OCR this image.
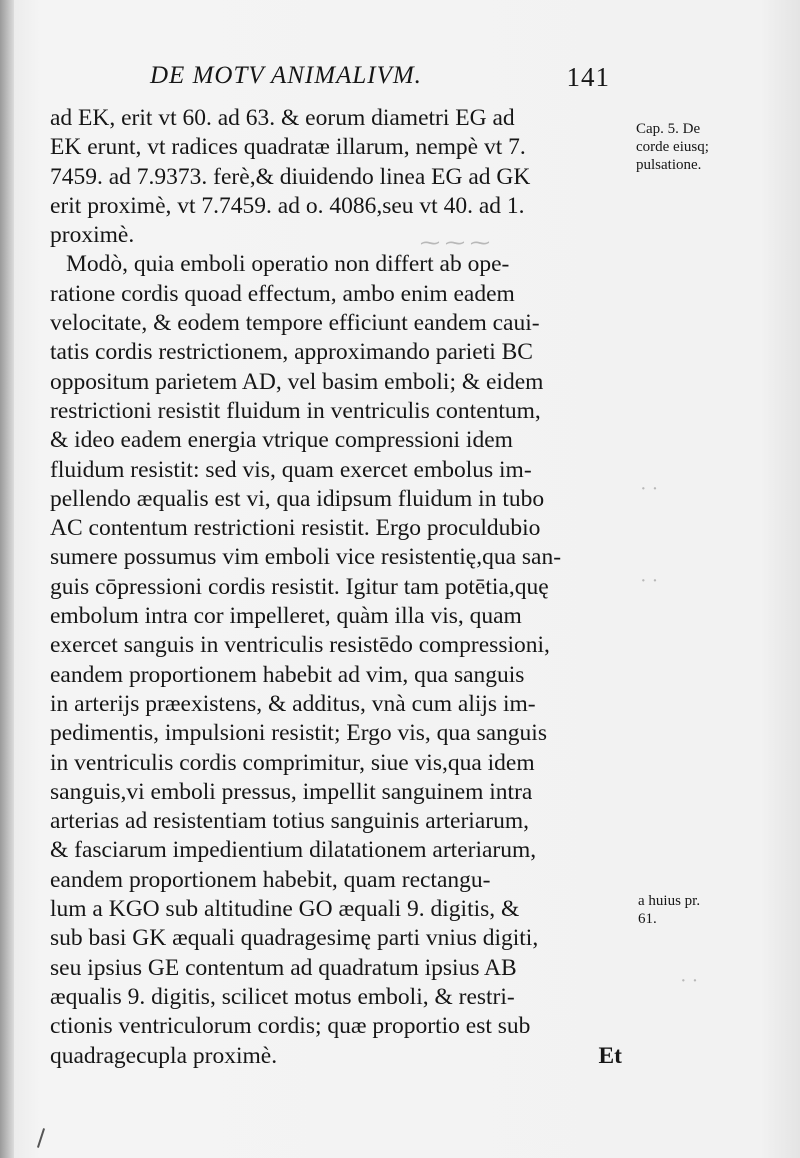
⁓ ⁓ ⁓
· ·
· ·
· ·
DE MOTV ANIMALIVM.	141
ad EK, erit vt 60. ad 63. & eorum diametri EG ad
EK erunt, vt radices quadratæ illarum, nempè vt 7.
7459. ad 7.9373. ferè,& diuidendo linea EG ad GK
erit proximè, vt 7.7459. ad o. 4086,seu vt 40. ad 1.
proximè.
Modò, quia emboli operatio non differt ab ope-
ratione cordis quoad effectum, ambo enim eadem
velocitate, & eodem tempore efficiunt eandem caui-
tatis cordis restrictionem, approximando parieti BC
oppositum parietem AD, vel basim emboli; & eidem
restrictioni resistit fluidum in ventriculis contentum,
& ideo eadem energia vtrique compressioni idem
fluidum resistit: sed vis, quam exercet embolus im-
pellendo æqualis est vi, qua idipsum fluidum in tubo
AC contentum restrictioni resistit. Ergo proculdubio
sumere possumus vim emboli vice resistentię,qua san-
guis cōpressioni cordis resistit. Igitur tam potētia,quę
embolum intra cor impelleret, quàm illa vis, quam
exercet sanguis in ventriculis resistēdo compressioni,
eandem proportionem habebit ad vim, qua sanguis
in arterijs præexistens, & additus, vnà cum alijs im-
pedimentis, impulsioni resistit; Ergo vis, qua sanguis
in ventriculis cordis comprimitur, siue vis,qua idem
sanguis,vi emboli pressus, impellit sanguinem intra
arterias ad resistentiam totius sanguinis arteriarum,
& fasciarum impedientium dilatationem arteriarum,
eandem proportionem habebit, quam rectangu-
lum a KGO sub altitudine GO æquali 9. digitis, &
sub basi GK æquali quadragesimę parti vnius digiti,
seu ipsius GE contentum ad quadratum ipsius AB
æqualis 9. digitis, scilicet motus emboli, & restri-
ctionis ventriculorum cordis; quæ proportio est sub
quadragecupla proximè.	Et
Cap. 5. De
corde eiusq;
pulsatione.
a huius pr.
61.
